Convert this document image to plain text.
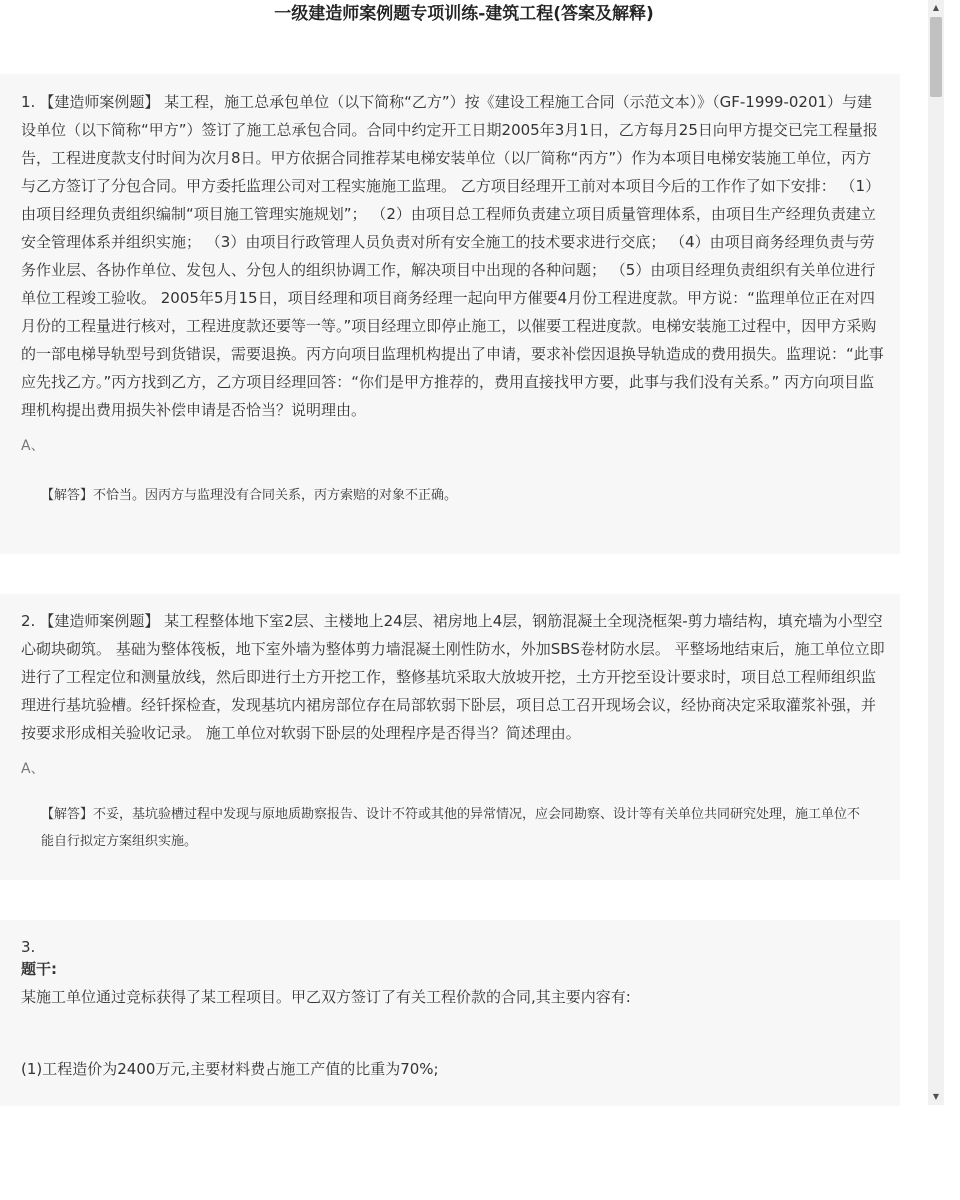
一级建造师案例题专项训练-建筑工程(答案及解释)

1. 【建造师案例题】 某工程，施工总承包单位（以下简称“乙方”）按《建设工程施工合同（示范文本）》（GF-1999-0201）与建设单位（以下简称“甲方”）签订了施工总承包合同。合同中约定开工日期2005年3月1日，乙方每月25日向甲方提交已完工程量报告，工程进度款支付时间为次月8日。甲方依据合同推荐某电梯安装单位（以厂简称“丙方”）作为本项目电梯安装施工单位，丙方与乙方签订了分包合同。甲方委托监理公司对工程实施施工监理。 乙方项目经理开工前对本项目今后的工作作了如下安排： （1）由项目经理负责组织编制“项目施工管理实施规划”； （2）由项目总工程师负责建立项目质量管理体系，由项目生产经理负责建立安全管理体系并组织实施； （3）由项目行政管理人员负责对所有安全施工的技术要求进行交底； （4）由项目商务经理负责与劳务作业层、各协作单位、发包人、分包人的组织协调工作，解决项目中出现的各种问题； （5）由项目经理负责组织有关单位进行单位工程竣工验收。 2005年5月15日，项目经理和项目商务经理一起向甲方催要4月份工程进度款。甲方说：“监理单位正在对四月份的工程量进行核对，工程进度款还要等一等。”项目经理立即停止施工，以催要工程进度款。电梯安装施工过程中，因甲方采购的一部电梯导轨型号到货错误，需要退换。丙方向项目监理机构提出了申请，要求补偿因退换导轨造成的费用损失。监理说：“此事应先找乙方。”丙方找到乙方，乙方项目经理回答：“你们是甲方推荐的，费用直接找甲方要，此事与我们没有关系。” 丙方向项目监理机构提出费用损失补偿申请是否恰当？说明理由。

A、
【解答】不恰当。因丙方与监理没有合同关系，丙方索赔的对象不正确。

2. 【建造师案例题】 某工程整体地下室2层、主楼地上24层、裙房地上4层，钢筋混凝土全现浇框架-剪力墙结构，填充墙为小型空心砌块砌筑。 基础为整体筏板，地下室外墙为整体剪力墙混凝土刚性防水，外加SBS卷材防水层。 平整场地结束后，施工单位立即进行了工程定位和测量放线，然后即进行土方开挖工作，整修基坑采取大放坡开挖，土方开挖至设计要求时，项目总工程师组织监理进行基坑验槽。经钎探检查，发现基坑内裙房部位存在局部软弱下卧层，项目总工召开现场会议，经协商决定采取灌浆补强，并按要求形成相关验收记录。 施工单位对软弱下卧层的处理程序是否得当？简述理由。

A、
【解答】不妥，基坑验槽过程中发现与原地质勘察报告、设计不符或其他的异常情况，应会同勘察、设计等有关单位共同研究处理，施工单位不能自行拟定方案组织实施。
3.
题干:
某施工单位通过竞标获得了某工程项目。甲乙双方签订了有关工程价款的合同,其主要内容有:
(1)工程造价为2400万元,主要材料费占施工产值的比重为70%;
▲
▼
